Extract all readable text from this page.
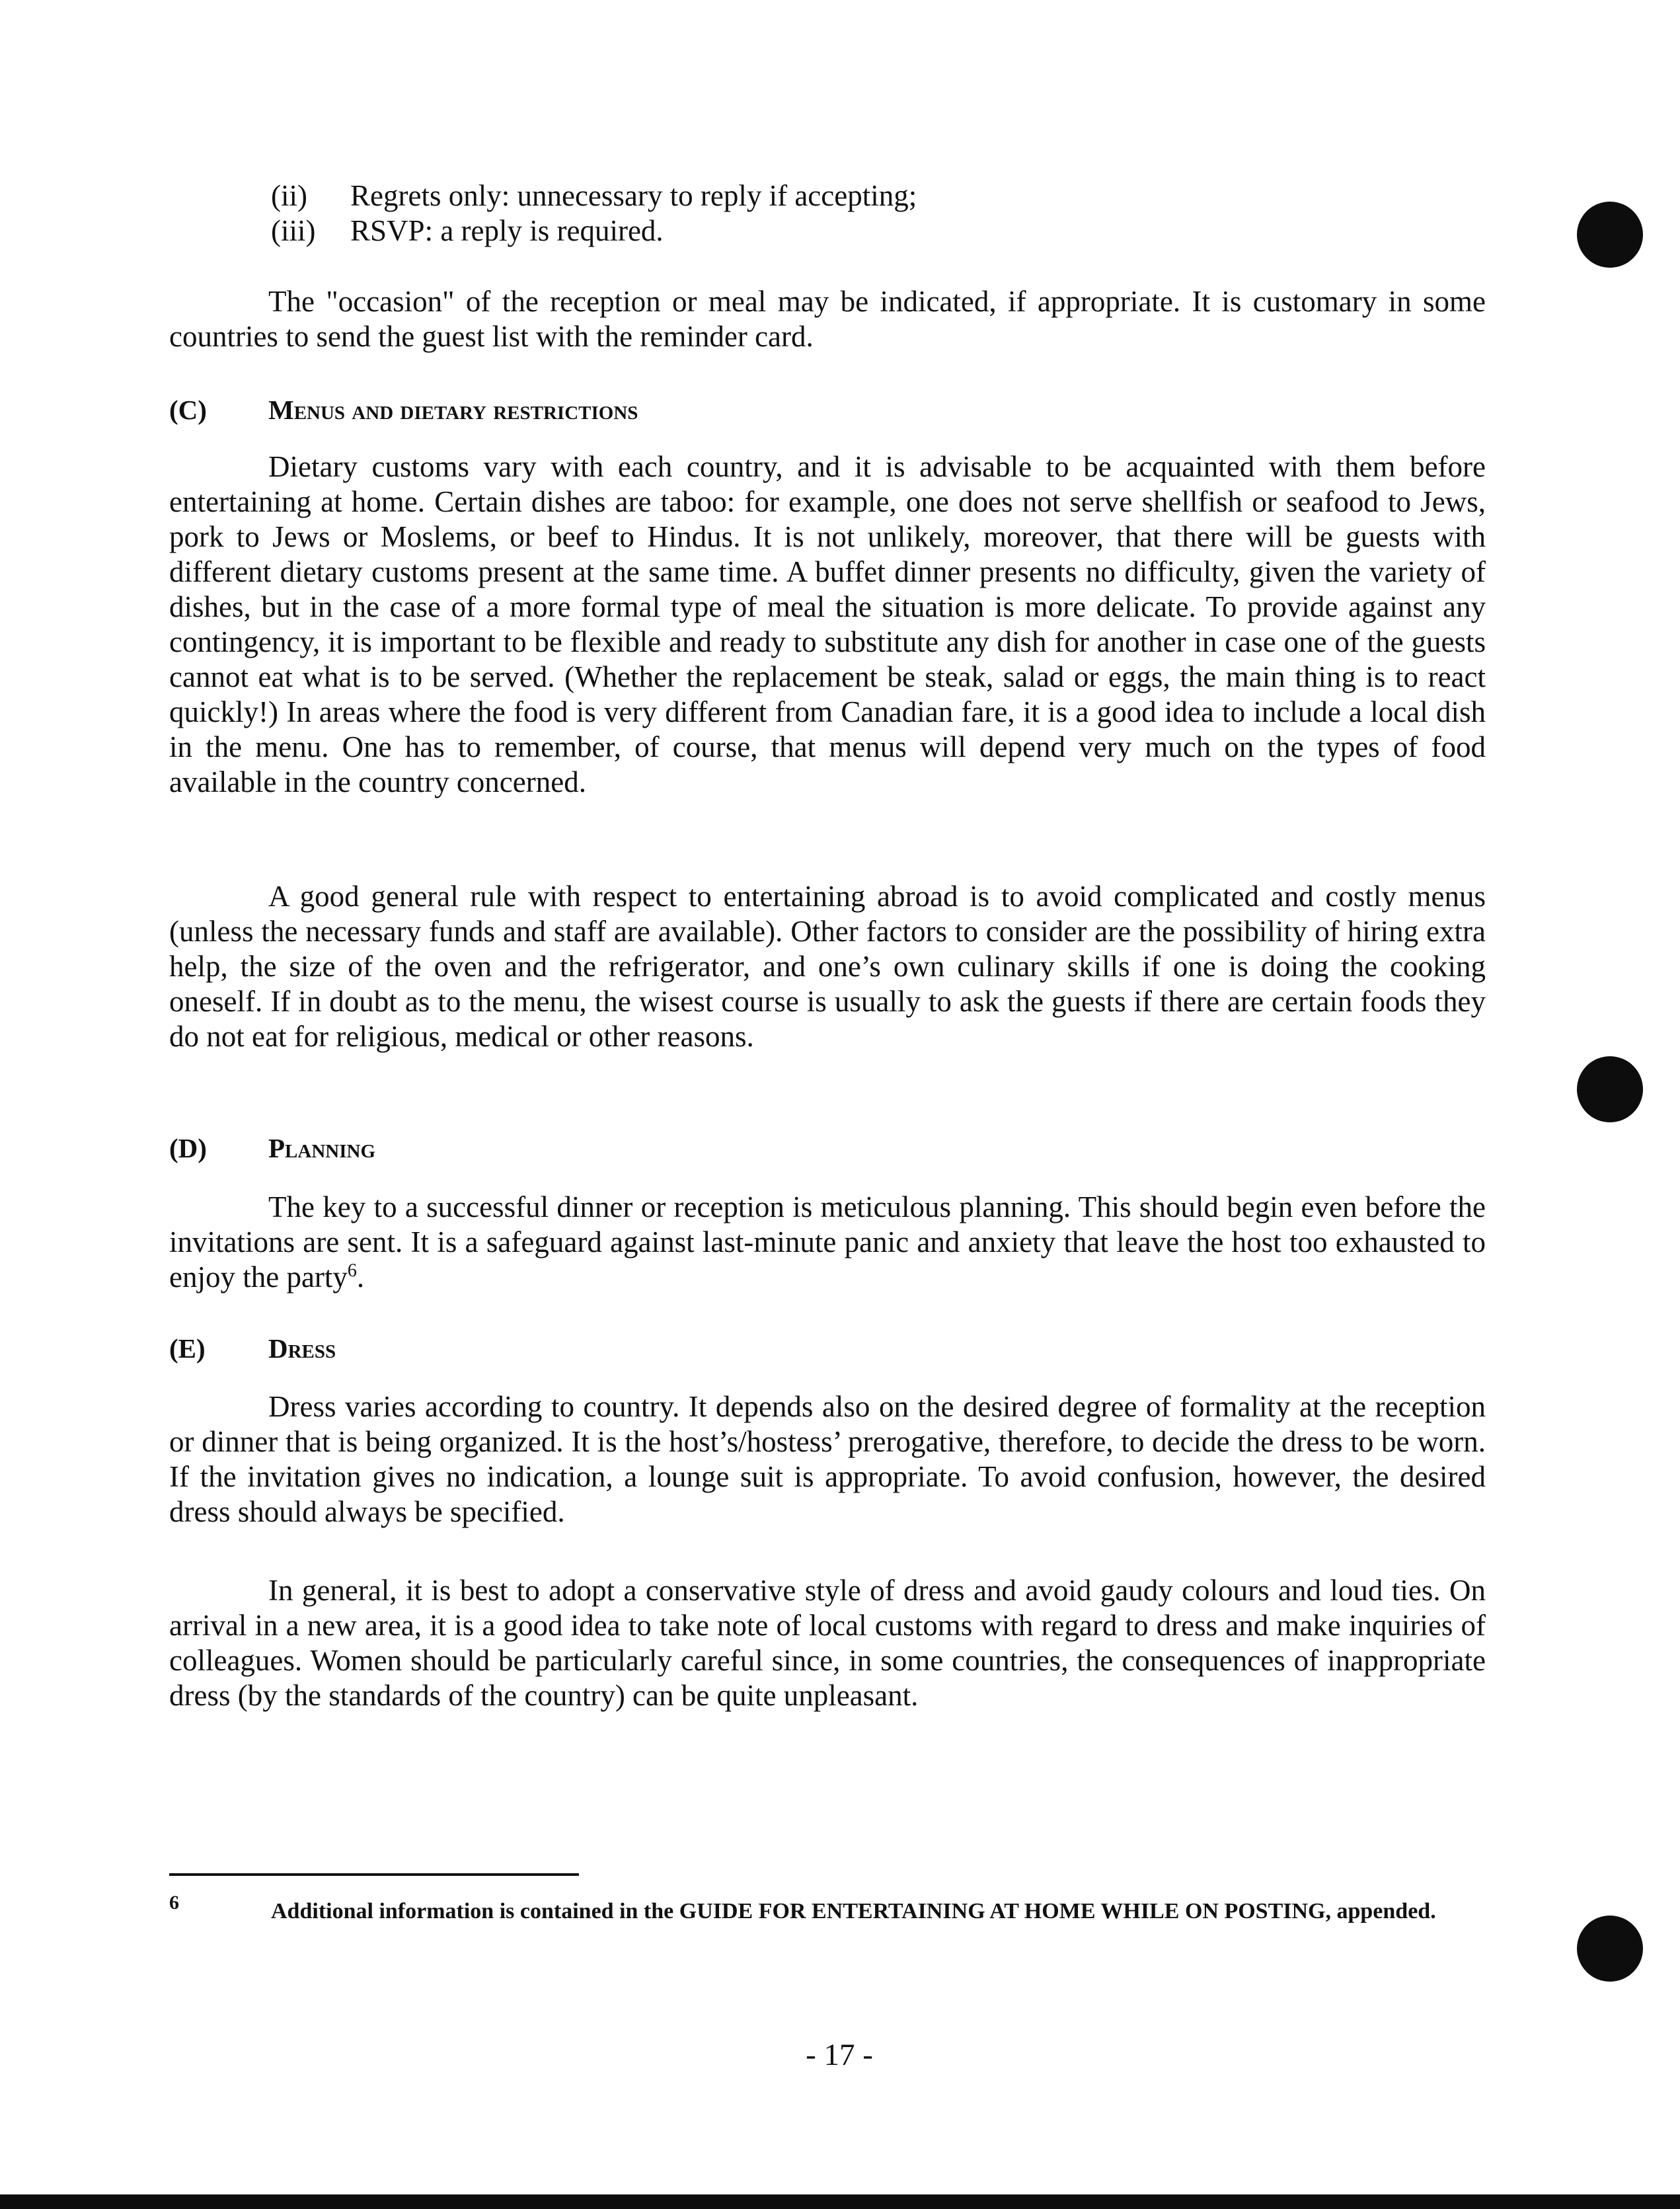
(ii) Regrets only: unnecessary to reply if accepting;
(iii) RSVP: a reply is required.

The "occasion" of the reception or meal may be indicated, if appropriate. It is customary in some countries to send the guest list with the reminder card.

(C) Menus and dietary restrictions

Dietary customs vary with each country, and it is advisable to be acquainted with them before entertaining at home. Certain dishes are taboo: for example, one does not serve shellfish or seafood to Jews, pork to Jews or Moslems, or beef to Hindus. It is not unlikely, moreover, that there will be guests with different dietary customs present at the same time. A buffet dinner presents no difficulty, given the variety of dishes, but in the case of a more formal type of meal the situation is more delicate. To provide against any contingency, it is important to be flexible and ready to substitute any dish for another in case one of the guests cannot eat what is to be served. (Whether the replacement be steak, salad or eggs, the main thing is to react quickly!) In areas where the food is very different from Canadian fare, it is a good idea to include a local dish in the menu. One has to remember, of course, that menus will depend very much on the types of food available in the country concerned.

A good general rule with respect to entertaining abroad is to avoid complicated and costly menus (unless the necessary funds and staff are available). Other factors to consider are the possibility of hiring extra help, the size of the oven and the refrigerator, and one’s own culinary skills if one is doing the cooking oneself. If in doubt as to the menu, the wisest course is usually to ask the guests if there are certain foods they do not eat for religious, medical or other reasons.

(D) Planning

The key to a successful dinner or reception is meticulous planning. This should begin even before the invitations are sent. It is a safeguard against last-minute panic and anxiety that leave the host too exhausted to enjoy the party$^6$.

(E) Dress

Dress varies according to country. It depends also on the desired degree of formality at the reception or dinner that is being organized. It is the host’s/hostess’ prerogative, therefore, to decide the dress to be worn. If the invitation gives no indication, a lounge suit is appropriate. To avoid confusion, however, the desired dress should always be specified.

In general, it is best to adopt a conservative style of dress and avoid gaudy colours and loud ties. On arrival in a new area, it is a good idea to take note of local customs with regard to dress and make inquiries of colleagues. Women should be particularly careful since, in some countries, the consequences of inappropriate dress (by the standards of the country) can be quite unpleasant.

6	Additional information is contained in the GUIDE FOR ENTERTAINING AT HOME WHILE ON POSTING, appended.
- 17 -
